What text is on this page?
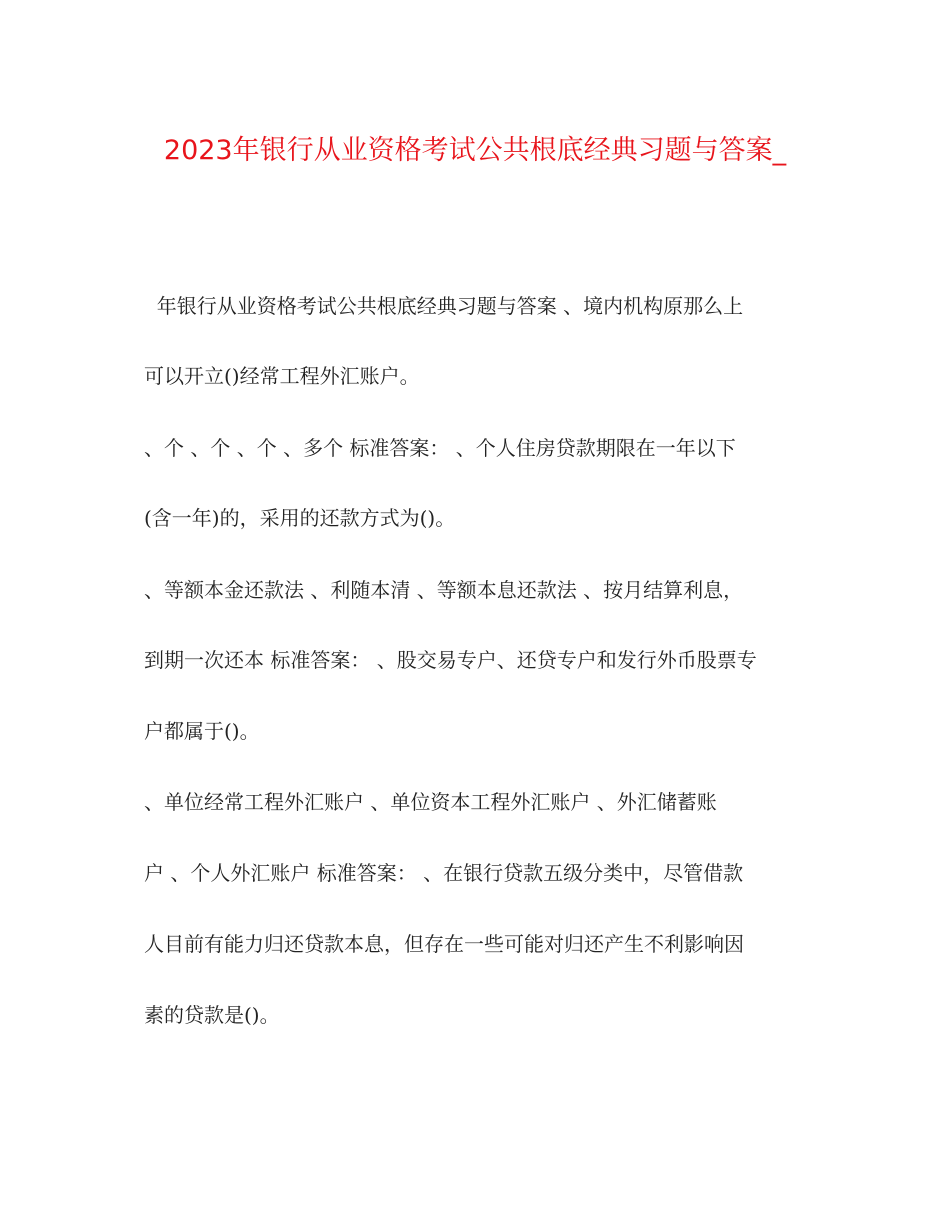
2023年银行从业资格考试公共根底经典习题与答案_

年银行从业资格考试公共根底经典习题与答案 、境内机构原那么上

可以开立()经常工程外汇账户。

、个 、个 、个 、多个 标准答案： 、个人住房贷款期限在一年以下

(含一年)的，采用的还款方式为()。

、等额本金还款法 、利随本清 、等额本息还款法 、按月结算利息，

到期一次还本 标准答案： 、股交易专户、还贷专户和发行外币股票专

户都属于()。

、单位经常工程外汇账户 、单位资本工程外汇账户 、外汇储蓄账

户 、个人外汇账户 标准答案： 、在银行贷款五级分类中，尽管借款

人目前有能力归还贷款本息，但存在一些可能对归还产生不利影响因

素的贷款是()。
